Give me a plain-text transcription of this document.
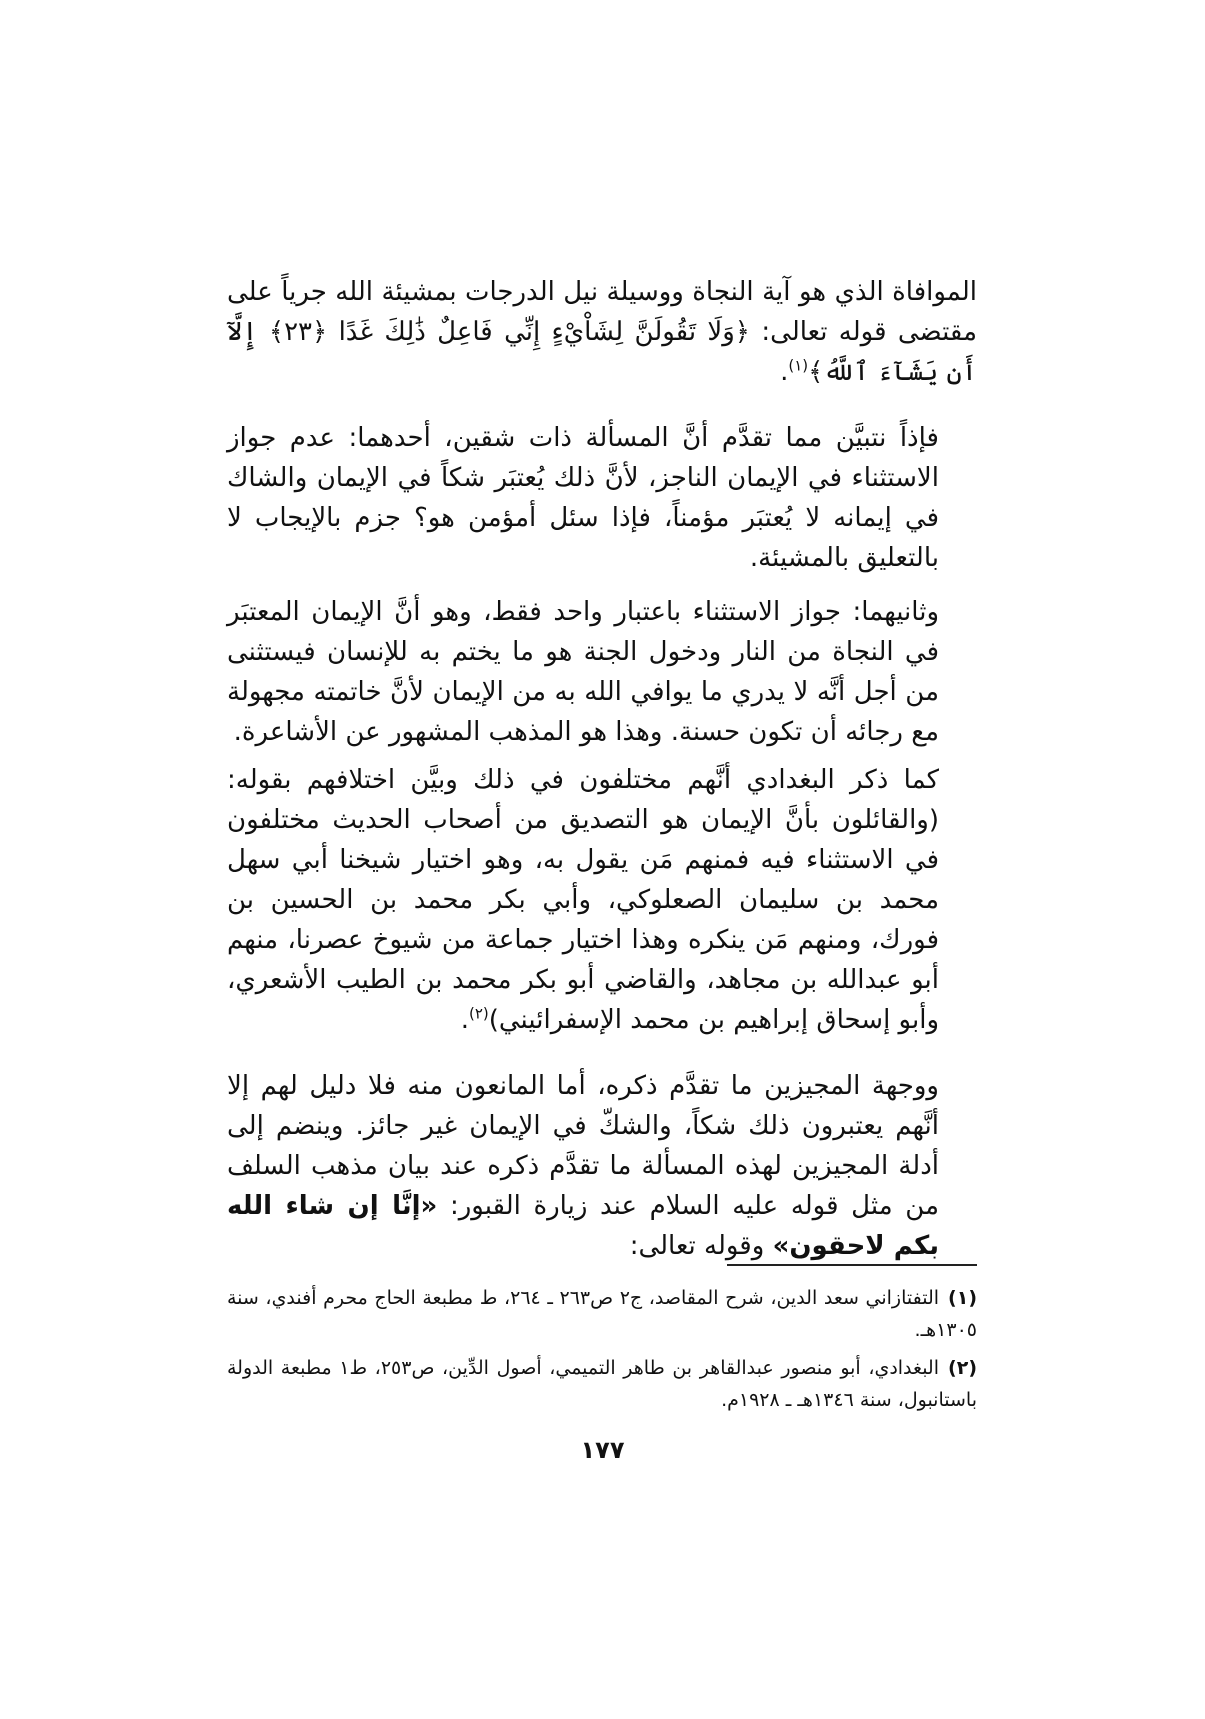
الموافاة الذي هو آية النجاة ووسيلة نيل الدرجات بمشيئة الله جرياً على مقتضى قوله تعالى: ﴿وَلَا تَقُولَنَّ لِشَاْيْءٍ إِنِّي فَاعِلٌ ذَٰلِكَ غَدًا ﴿٢٣﴾ إِلَّآ أَن يَشَآءَ ٱللَّهُ﴾$^{(١)}$.

فإذاً نتبيَّن مما تقدَّم أنَّ المسألة ذات شقين، أحدهما: عدم جواز الاستثناء في الإيمان الناجز، لأنَّ ذلك يُعتبَر شكاً في الإيمان والشاك في إيمانه لا يُعتبَر مؤمناً، فإذا سئل أمؤمن هو؟ جزم بالإيجاب لا بالتعليق بالمشيئة.

وثانيهما: جواز الاستثناء باعتبار واحد فقط، وهو أنَّ الإيمان المعتبَر في النجاة من النار ودخول الجنة هو ما يختم به للإنسان فيستثنى من أجل أنَّه لا يدري ما يوافي الله به من الإيمان لأنَّ خاتمته مجهولة مع رجائه أن تكون حسنة. وهذا هو المذهب المشهور عن الأشاعرة.

كما ذكر البغدادي أنَّهم مختلفون في ذلك وبيَّن اختلافهم بقوله: (والقائلون بأنَّ الإيمان هو التصديق من أصحاب الحديث مختلفون في الاستثناء فيه فمنهم مَن يقول به، وهو اختيار شيخنا أبي سهل محمد بن سليمان الصعلوكي، وأبي بكر محمد بن الحسين بن فورك، ومنهم مَن ينكره وهذا اختيار جماعة من شيوخ عصرنا، منهم أبو عبدالله بن مجاهد، والقاضي أبو بكر محمد بن الطيب الأشعري، وأبو إسحاق إبراهيم بن محمد الإسفرائيني)$^{(٢)}$.

ووجهة المجيزين ما تقدَّم ذكره، أما المانعون منه فلا دليل لهم إلا أنَّهم يعتبرون ذلك شكاً، والشكّ في الإيمان غير جائز. وينضم إلى أدلة المجيزين لهذه المسألة ما تقدَّم ذكره عند بيان مذهب السلف من مثل قوله عليه السلام عند زيارة القبور: «إنَّا إن شاء الله بكم لاحقون» وقوله تعالى:

(١)التفتازاني سعد الدين، شرح المقاصد، ج٢ ص٢٦٣ ـ ٢٦٤، ط مطبعة الحاج محرم أفندي، سنة ١٣٠٥هـ.
(٢)البغدادي، أبو منصور عبدالقاهر بن طاهر التميمي، أصول الدِّين، ص٢٥٣، ط١ مطبعة الدولة باستانبول، سنة ١٣٤٦هـ ـ ١٩٢٨م.
١٧٧
